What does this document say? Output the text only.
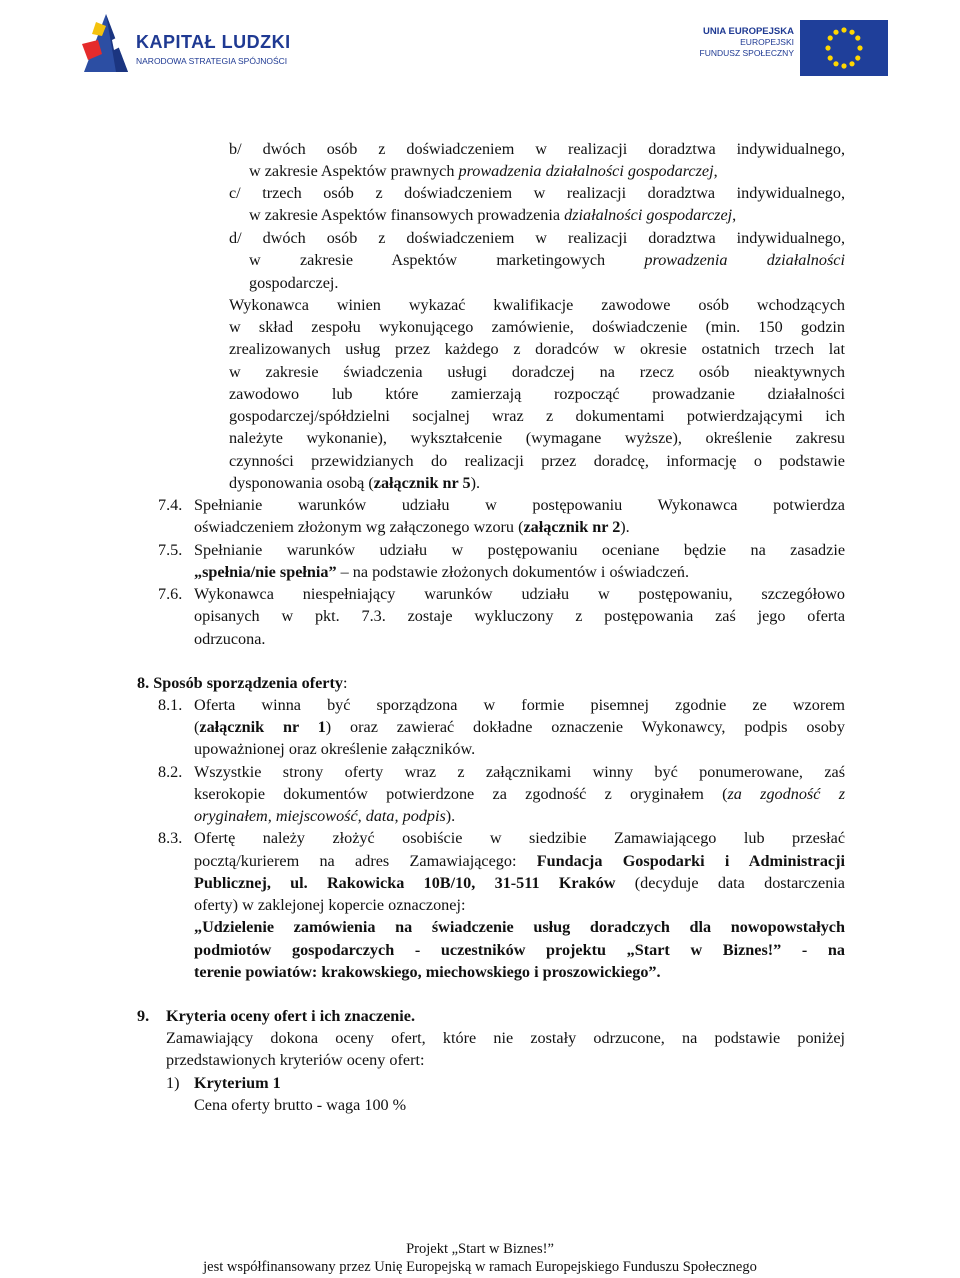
KAPITAŁ LUDZKI
NARODOWA STRATEGIA SPÓJNOŚCI
UNIA EUROPEJSKA
EUROPEJSKI
FUNDUSZ SPOŁECZNY
b/ dwóch osób z doświadczeniem w realizacji doradztwa indywidualnego,
w zakresie Aspektów prawnych prowadzenia działalności gospodarczej,
c/ trzech osób z doświadczeniem w realizacji doradztwa indywidualnego,
w zakresie Aspektów finansowych prowadzenia działalności gospodarczej,
d/ dwóch osób z doświadczeniem w realizacji doradztwa indywidualnego,
w zakresie Aspektów marketingowych prowadzenia działalności
gospodarczej.
Wykonawca winien wykazać kwalifikacje zawodowe osób wchodzących
w skład zespołu wykonującego zamówienie, doświadczenie (min. 150 godzin
zrealizowanych usług przez każdego z doradców w okresie ostatnich trzech lat
w zakresie świadczenia usługi doradczej na rzecz osób nieaktywnych
zawodowo lub które zamierzają rozpocząć prowadzanie działalności
gospodarczej/spółdzielni socjalnej wraz z dokumentami potwierdzającymi ich
należyte wykonanie), wykształcenie (wymagane wyższe), określenie zakresu
czynności przewidzianych do realizacji przez doradcę, informację o podstawie
dysponowania osobą (załącznik nr 5).
7.4. Spełnianie warunków udziału w postępowaniu Wykonawca potwierdza
oświadczeniem złożonym wg załączonego wzoru (załącznik nr 2).
7.5. Spełnianie warunków udziału w postępowaniu oceniane będzie na zasadzie
„spełnia/nie spełnia” – na podstawie złożonych dokumentów i oświadczeń.
7.6. Wykonawca niespełniający warunków udziału w postępowaniu, szczegółowo
opisanych w pkt. 7.3. zostaje wykluczony z postępowania zaś jego oferta
odrzucona.
8. Sposób sporządzenia oferty:
8.1. Oferta winna być sporządzona w formie pisemnej zgodnie ze wzorem
(załącznik nr 1) oraz zawierać dokładne oznaczenie Wykonawcy, podpis osoby
upoważnionej oraz określenie załączników.
8.2. Wszystkie strony oferty wraz z załącznikami winny być ponumerowane, zaś
kserokopie dokumentów potwierdzone za zgodność z oryginałem (za zgodność z
oryginałem, miejscowość, data, podpis).
8.3. Ofertę należy złożyć osobiście w siedzibie Zamawiającego lub przesłać
pocztą/kurierem na adres Zamawiającego: Fundacja Gospodarki i Administracji
Publicznej, ul. Rakowicka 10B/10, 31-511 Kraków (decyduje data dostarczenia
oferty) w zaklejonej kopercie oznaczonej:
„Udzielenie zamówienia na świadczenie usług doradczych dla nowopowstałych
podmiotów gospodarczych - uczestników projektu „Start w Biznes!” - na
terenie powiatów: krakowskiego, miechowskiego i proszowickiego”.
9. Kryteria oceny ofert i ich znaczenie.
Zamawiający dokona oceny ofert, które nie zostały odrzucone, na podstawie poniżej
przedstawionych kryteriów oceny ofert:
1) Kryterium 1
Cena oferty brutto - waga 100 %
Projekt „Start w Biznes!”
jest współfinansowany przez Unię Europejską w ramach Europejskiego Funduszu Społecznego
